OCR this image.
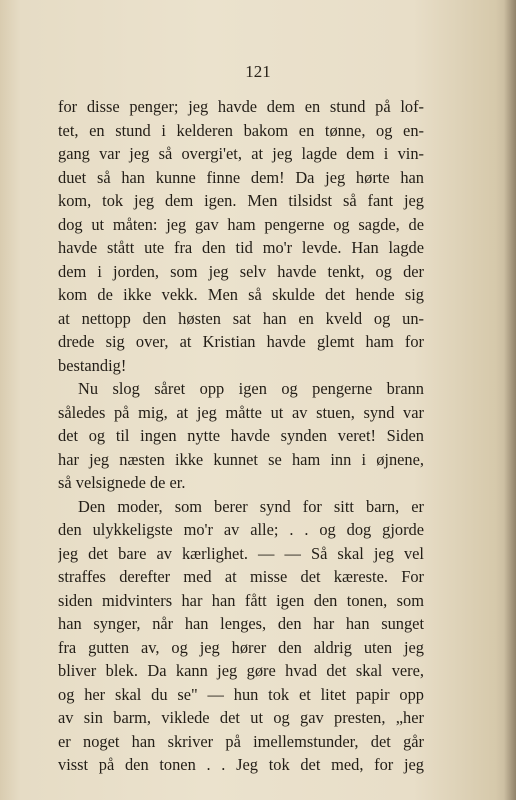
121
for disse penger; jeg havde dem en stund på lof-
tet, en stund i kelderen bakom en tønne, og en-
gang var jeg så overgi'et, at jeg lagde dem i vin-
duet så han kunne finne dem! Da jeg hørte han
kom, tok jeg dem igen. Men tilsidst så fant jeg
dog ut måten: jeg gav ham pengerne og sagde, de
havde stått ute fra den tid mo'r levde. Han lagde
dem i jorden, som jeg selv havde tenkt, og der
kom de ikke vekk. Men så skulde det hende sig
at nettopp den høsten sat han en kveld og un-
drede sig over, at Kristian havde glemt ham for
bestandig!
Nu slog såret opp igen og pengerne brann
således på mig, at jeg måtte ut av stuen, synd var
det og til ingen nytte havde synden veret! Siden
har jeg næsten ikke kunnet se ham inn i øjnene,
så velsignede de er.
Den moder, som berer synd for sitt barn, er
den ulykkeligste mo'r av alle; . . og dog gjorde
jeg det bare av kærlighet. — — Så skal jeg vel
straffes derefter med at misse det kæreste. For
siden midvinters har han fått igen den tonen, som
han synger, når han lenges, den har han sunget
fra gutten av, og jeg hører den aldrig uten jeg
bliver blek. Da kann jeg gøre hvad det skal vere,
og her skal du se" — hun tok et litet papir opp
av sin barm, viklede det ut og gav presten, „her
er noget han skriver på imellemstunder, det går
visst på den tonen . . Jeg tok det med, for jeg
